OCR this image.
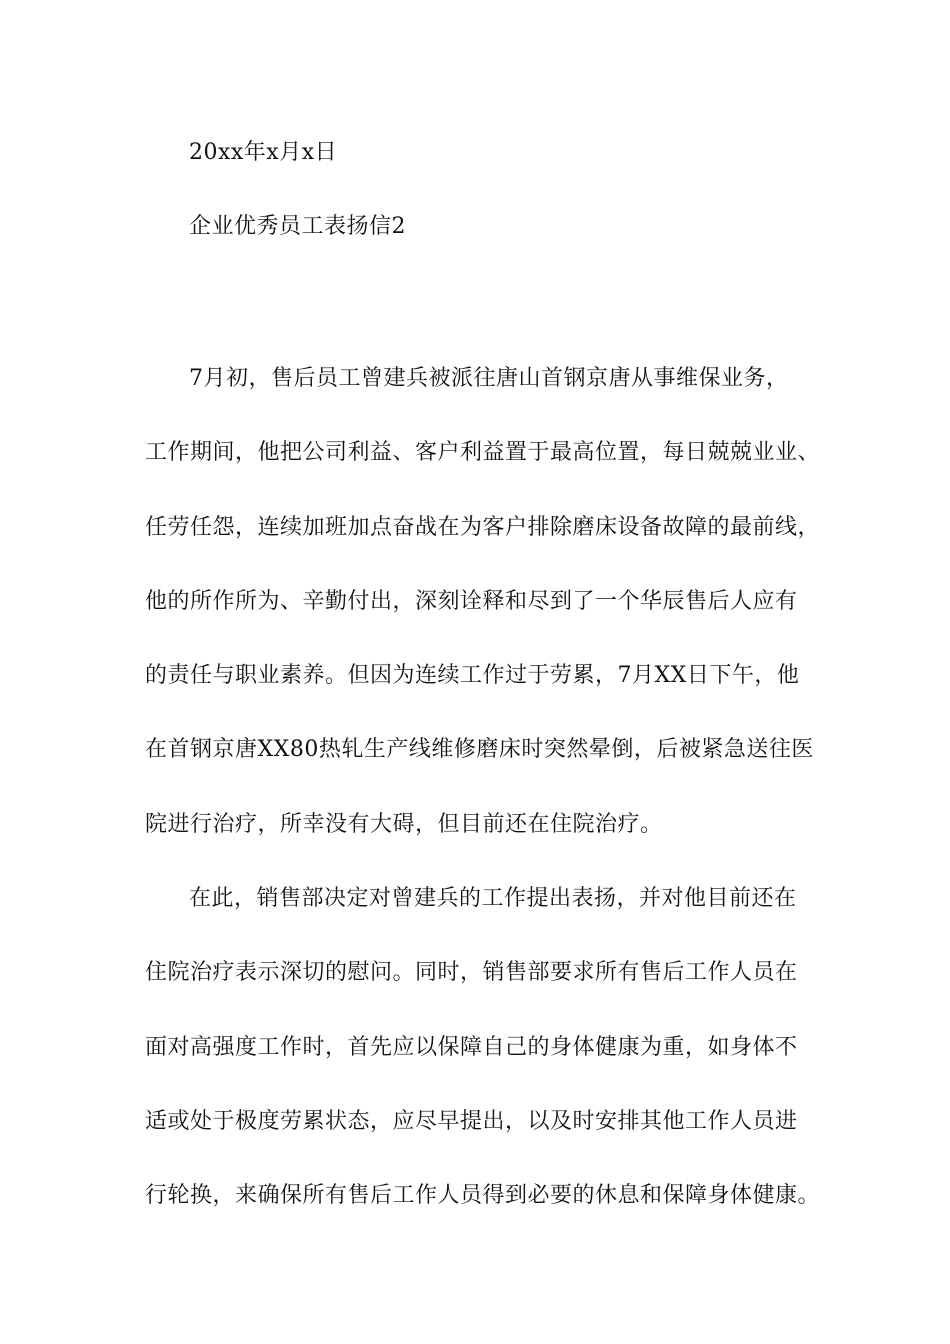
20xx年x月x日
企业优秀员工表扬信2
7月初，售后员工曾建兵被派往唐山首钢京唐从事维保业务，
工作期间，他把公司利益、客户利益置于最高位置，每日兢兢业业、
任劳任怨，连续加班加点奋战在为客户排除磨床设备故障的最前线，
他的所作所为、辛勤付出，深刻诠释和尽到了一个华辰售后人应有
的责任与职业素养。但因为连续工作过于劳累，7月XX日下午，他
在首钢京唐XX80热轧生产线维修磨床时突然晕倒，后被紧急送往医
院进行治疗，所幸没有大碍，但目前还在住院治疗。
在此，销售部决定对曾建兵的工作提出表扬，并对他目前还在
住院治疗表示深切的慰问。同时，销售部要求所有售后工作人员在
面对高强度工作时，首先应以保障自己的身体健康为重，如身体不
适或处于极度劳累状态，应尽早提出，以及时安排其他工作人员进
行轮换，来确保所有售后工作人员得到必要的休息和保障身体健康。
